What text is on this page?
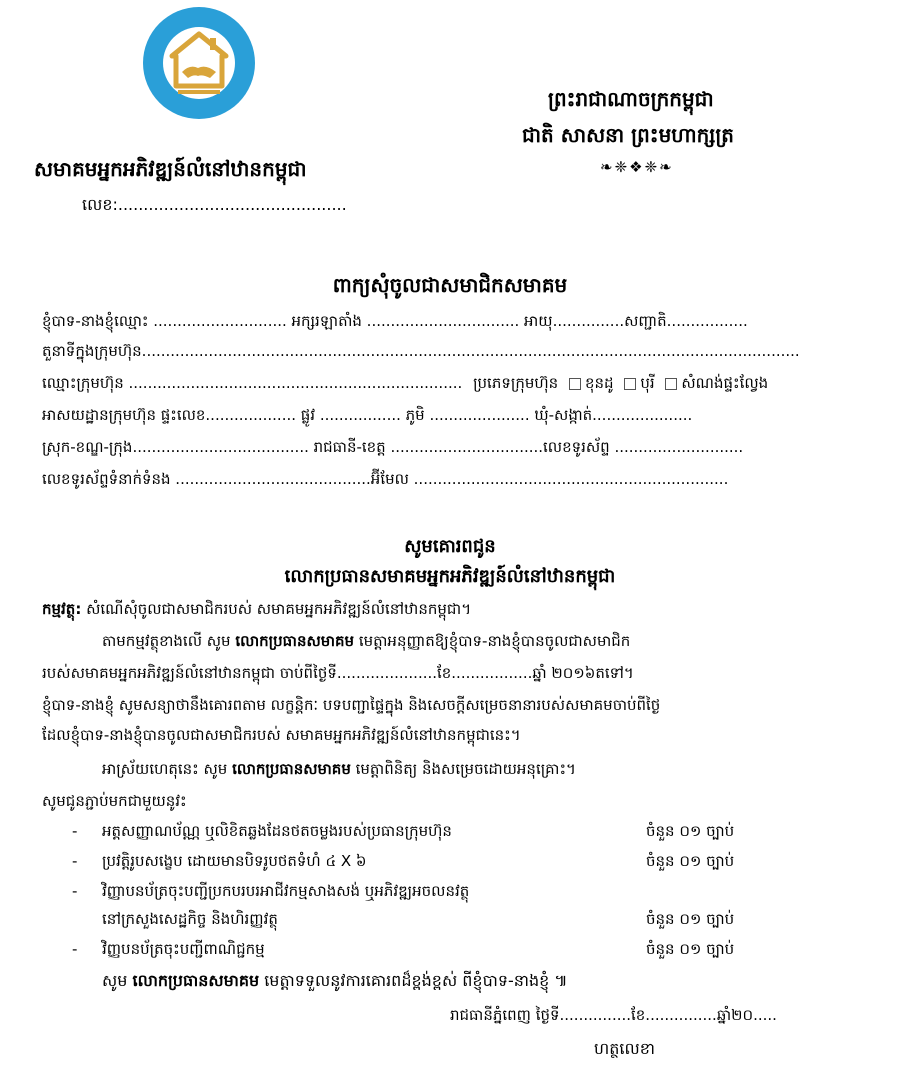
ព្រះរាជាណាចក្រកម្ពុជា
ជាតិ សាសនា ព្រះមហាក្សត្រ
❧❈❖❈❧
សមាគមអ្នកអភិវឌ្ឍន៍លំនៅឋានកម្ពុជា
លេខ:.............................................
ពាក្យសុំចូលជាសមាជិកសមាគម
ខ្ញុំបាទ-នាងខ្ញុំឈ្មោះ ............................ អក្សរឡាតាំង ................................ អាយុ...............សញ្ជាតិ.................
តួនាទីក្នុងក្រុមហ៊ុន..........................................................................................................................................
ឈ្មោះក្រុមហ៊ុន ...................................................................... ប្រភេទក្រុមហ៊ុន ខុនដូ បុរី សំណង់ផ្ទះល្វែង
អាសយដ្ឋានក្រុមហ៊ុន ផ្ទះលេខ................... ផ្លូវ ................. ភូមិ ..................... ឃុំ-សង្កាត់.....................
ស្រុក-ខណ្ឌ-ក្រុង..................................... រាជធានី-ខេត្ត ................................លេខទូរស័ព្ទ ...........................
លេខទូរស័ព្ទទំនាក់ទំនង .........................................អ៊ីមែល ..................................................................
សូមគោរពជូន
លោកប្រធានសមាគមអ្នកអភិវឌ្ឍន៍លំនៅឋានកម្ពុជា
កម្មវត្ថុ: សំណើសុំចូលជាសមាជិករបស់ សមាគមអ្នកអភិវឌ្ឍន៍លំនៅឋានកម្ពុជា។
តាមកម្មវត្ថុខាងលើ សូម លោកប្រធានសមាគម មេត្តាអនុញ្ញាតឱ្យខ្ញុំបាទ-នាងខ្ញុំបានចូលជាសមាជិក
របស់សមាគមអ្នកអភិវឌ្ឍន៍លំនៅឋានកម្ពុជា ចាប់ពីថ្ងៃទី.....................ខែ.................ឆ្នាំ ២០១៦តទៅ។
ខ្ញុំបាទ-នាងខ្ញុំ សូមសន្យាថានឹងគោរពតាម លក្ខន្តិកៈ បទបញ្ជាផ្ទៃក្នុង និងសេចក្តីសម្រេចនានារបស់សមាគមចាប់ពីថ្ងៃ
ដែលខ្ញុំបាទ-នាងខ្ញុំបានចូលជាសមាជិករបស់ សមាគមអ្នកអភិវឌ្ឍន៍លំនៅឋានកម្ពុជានេះ។
អាស្រ័យហេតុនេះ សូម លោកប្រធានសមាគម មេត្តាពិនិត្យ និងសម្រេចដោយអនុគ្រោះ។
សូមជូនភ្ជាប់មកជាមួយនូវះ
- អត្តសញ្ញាណប័ណ្ណ ឬលិខិតឆ្លងដែនថតចម្លងរបស់ប្រធានក្រុមហ៊ុន	ចំនួន ០១ ច្បាប់
- ប្រវត្តិរូបសង្ខេប ដោយមានបិទរូបថតទំហំ ៤ X ៦	ចំនួន ០១ ច្បាប់
- វិញ្ញាបនប័ត្រចុះបញ្ជីប្រកបរបរអាជីវកម្មសាងសង់ ឬអភិវឌ្ឍអចលនវត្ថុ
នៅក្រសួងសេដ្ឋកិច្ច និងហិរញ្ញវត្ថុ	ចំនួន ០១ ច្បាប់
- វិញ្ញបនប័ត្រចុះបញ្ជីពាណិជ្ជកម្ម	ចំនួន ០១ ច្បាប់
សូម លោកប្រធានសមាគម មេត្តាទទួលនូវការគោរពដ៏ខ្ពង់ខ្ពស់ ពីខ្ញុំបាទ-នាងខ្ញុំ ៕
រាជធានីភ្នំពេញ ថ្ងៃទី...............ខែ...............ឆ្នាំ២០.....
ហត្ថលេខា
